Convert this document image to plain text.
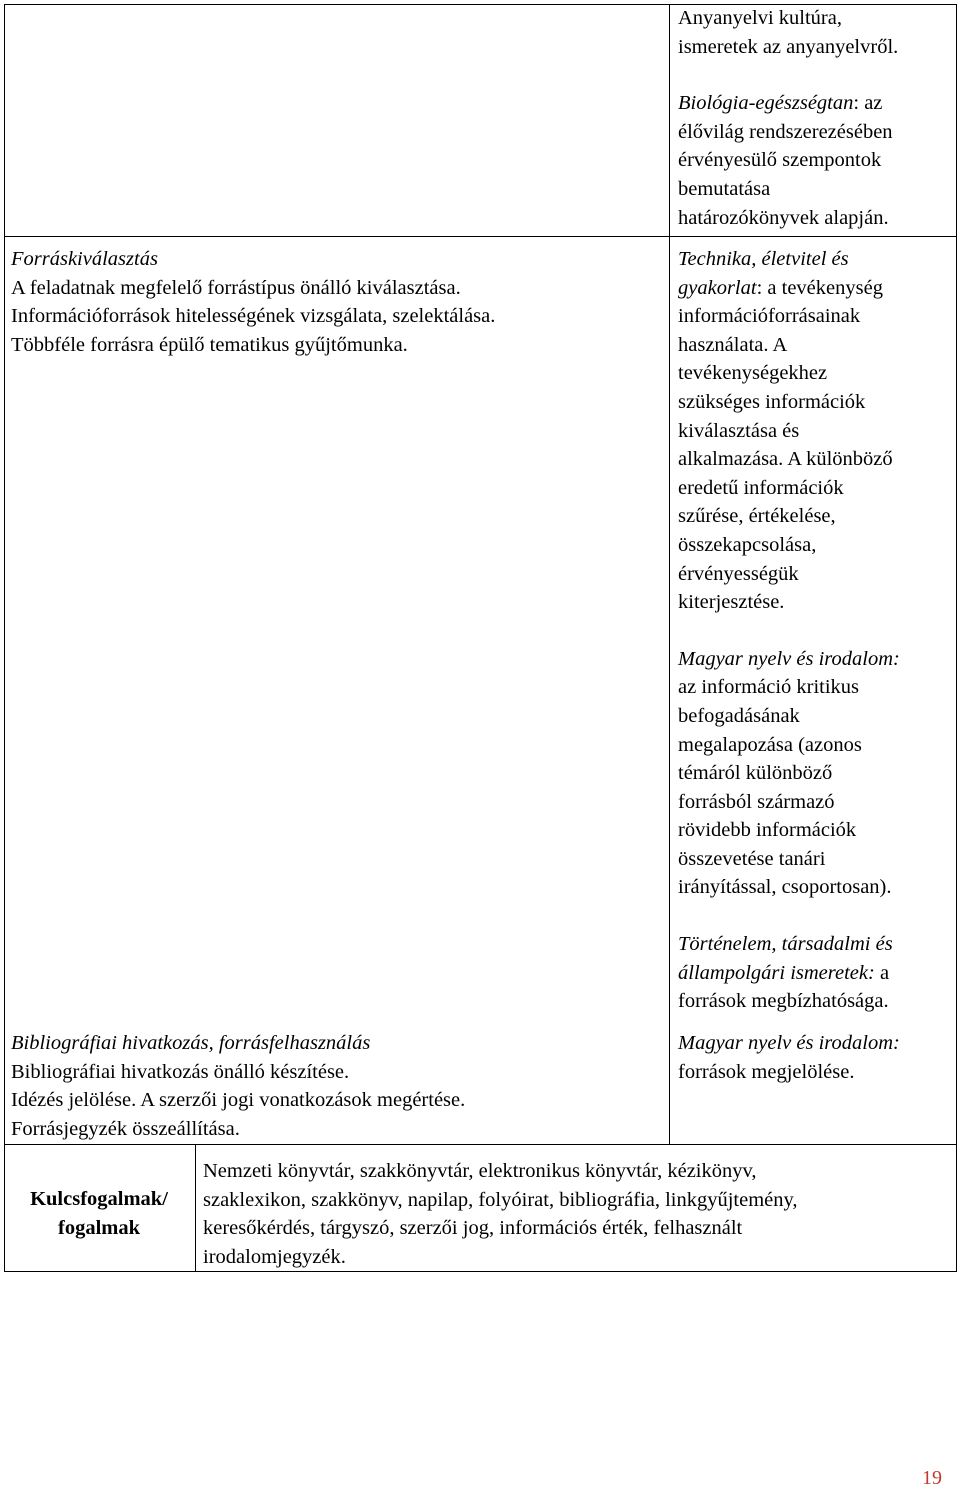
Forráskiválasztás
A feladatnak megfelelő forrástípus önálló kiválasztása.
Információforrások hitelességének vizsgálata, szelektálása.
Többféle forrásra épülő tematikus gyűjtőmunka.
Bibliográfiai hivatkozás, forrásfelhasználás
Bibliográfiai hivatkozás önálló készítése.
Idézés jelölése. A szerzői jogi vonatkozások megértése.
Forrásjegyzék összeállítása.
Anyanyelvi kultúra,
ismeretek az anyanyelvről.
Biológia-egészségtan: az
élővilág rendszerezésében
érvényesülő szempontok
bemutatása
határozókönyvek alapján.
Technika, életvitel és
gyakorlat: a tevékenység
információforrásainak
használata. A
tevékenységekhez
szükséges információk
kiválasztása és
alkalmazása. A különböző
eredetű információk
szűrése, értékelése,
összekapcsolása,
érvényességük
kiterjesztése.
Magyar nyelv és irodalom:
az információ kritikus
befogadásának
megalapozása (azonos
témáról különböző
forrásból származó
rövidebb információk
összevetése tanári
irányítással, csoportosan).
Történelem, társadalmi és
állampolgári ismeretek: a
források megbízhatósága.
Magyar nyelv és irodalom:
források megjelölése.
Kulcsfogalmak/
fogalmak
Nemzeti könyvtár, szakkönyvtár, elektronikus könyvtár, kézikönyv,
szaklexikon, szakkönyv, napilap, folyóirat, bibliográfia, linkgyűjtemény,
keresőkérdés, tárgyszó, szerzői jog, információs érték, felhasznált
irodalomjegyzék.
19
